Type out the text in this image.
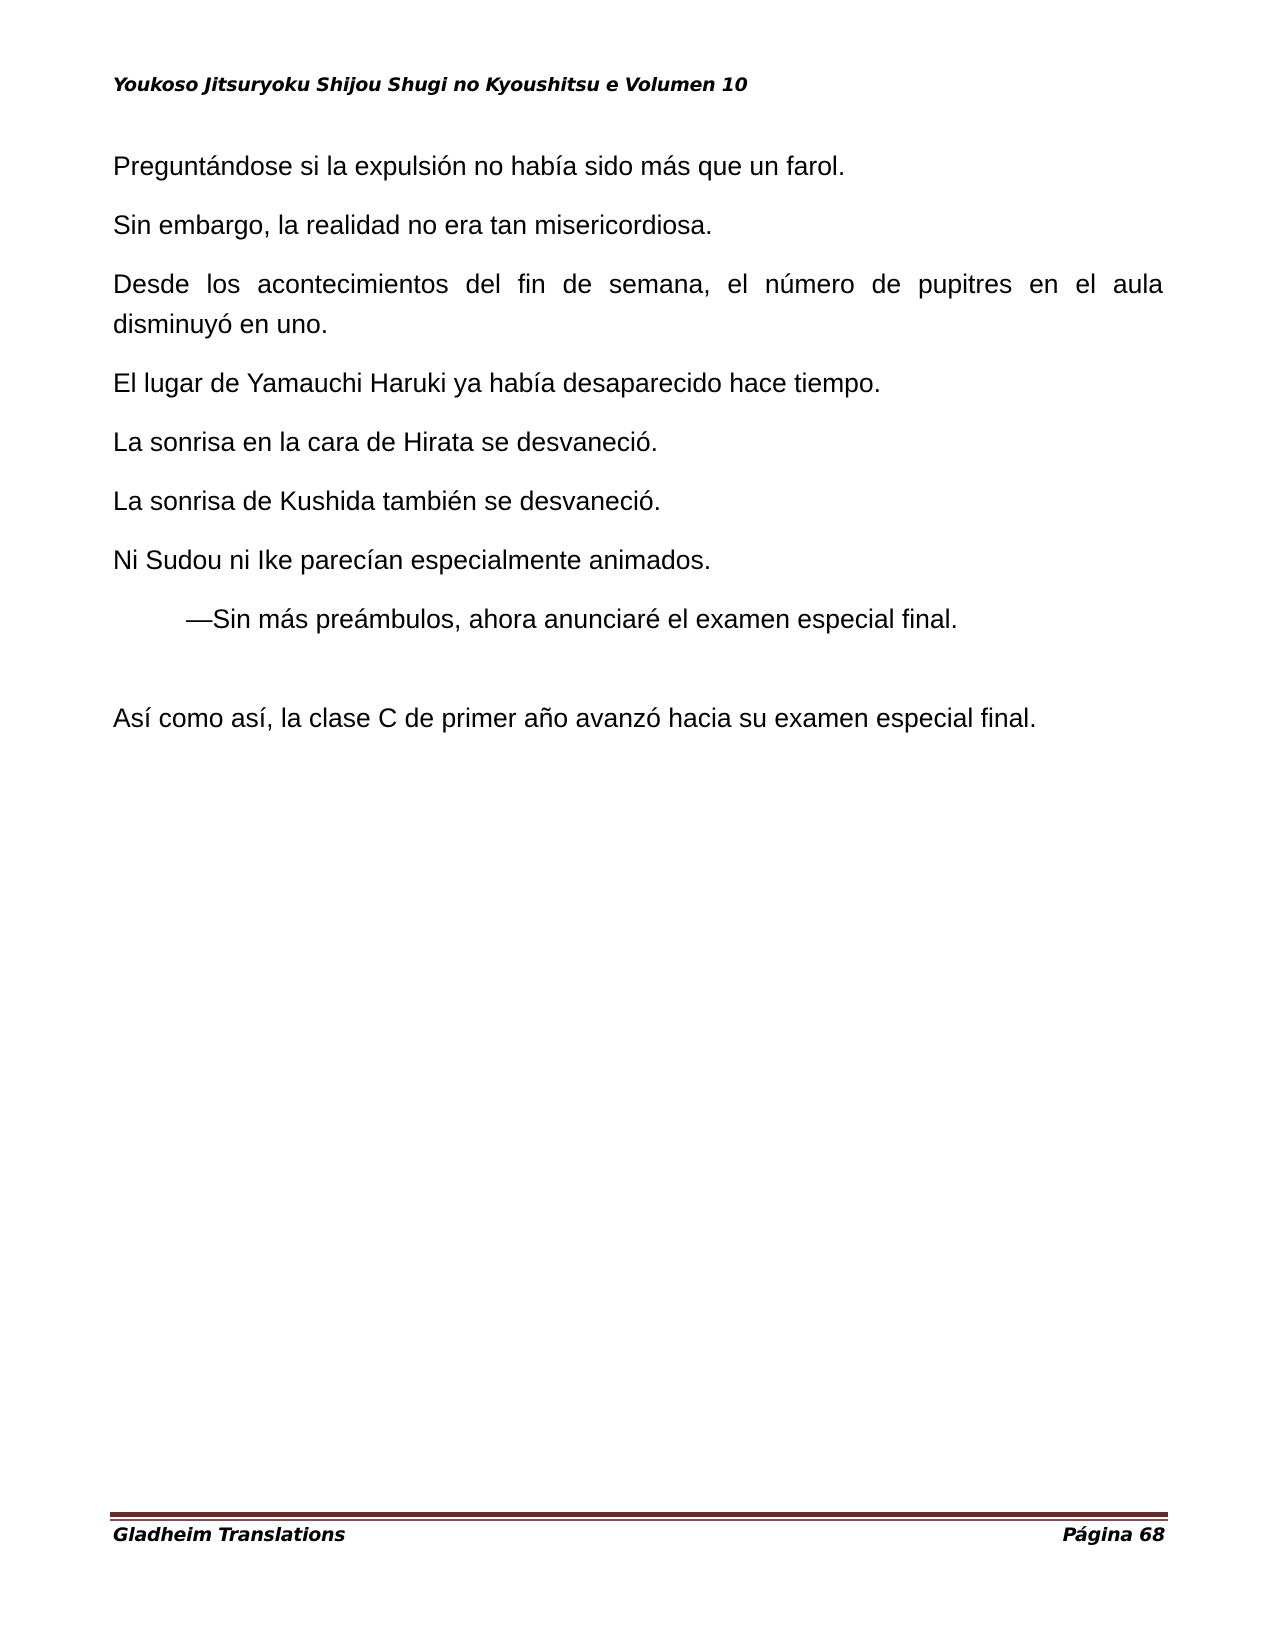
Youkoso Jitsuryoku Shijou Shugi no Kyoushitsu e Volumen 10

Preguntándose si la expulsión no había sido más que un farol.

Sin embargo, la realidad no era tan misericordiosa.

Desde los acontecimientos del fin de semana, el número de pupitres en el aula disminuyó en uno.

El lugar de Yamauchi Haruki ya había desaparecido hace tiempo.

La sonrisa en la cara de Hirata se desvaneció.

La sonrisa de Kushida también se desvaneció.

Ni Sudou ni Ike parecían especialmente animados.

—Sin más preámbulos, ahora anunciaré el examen especial final.

Así como así, la clase C de primer año avanzó hacia su examen especial final.

Gladheim Translations	Página 68
